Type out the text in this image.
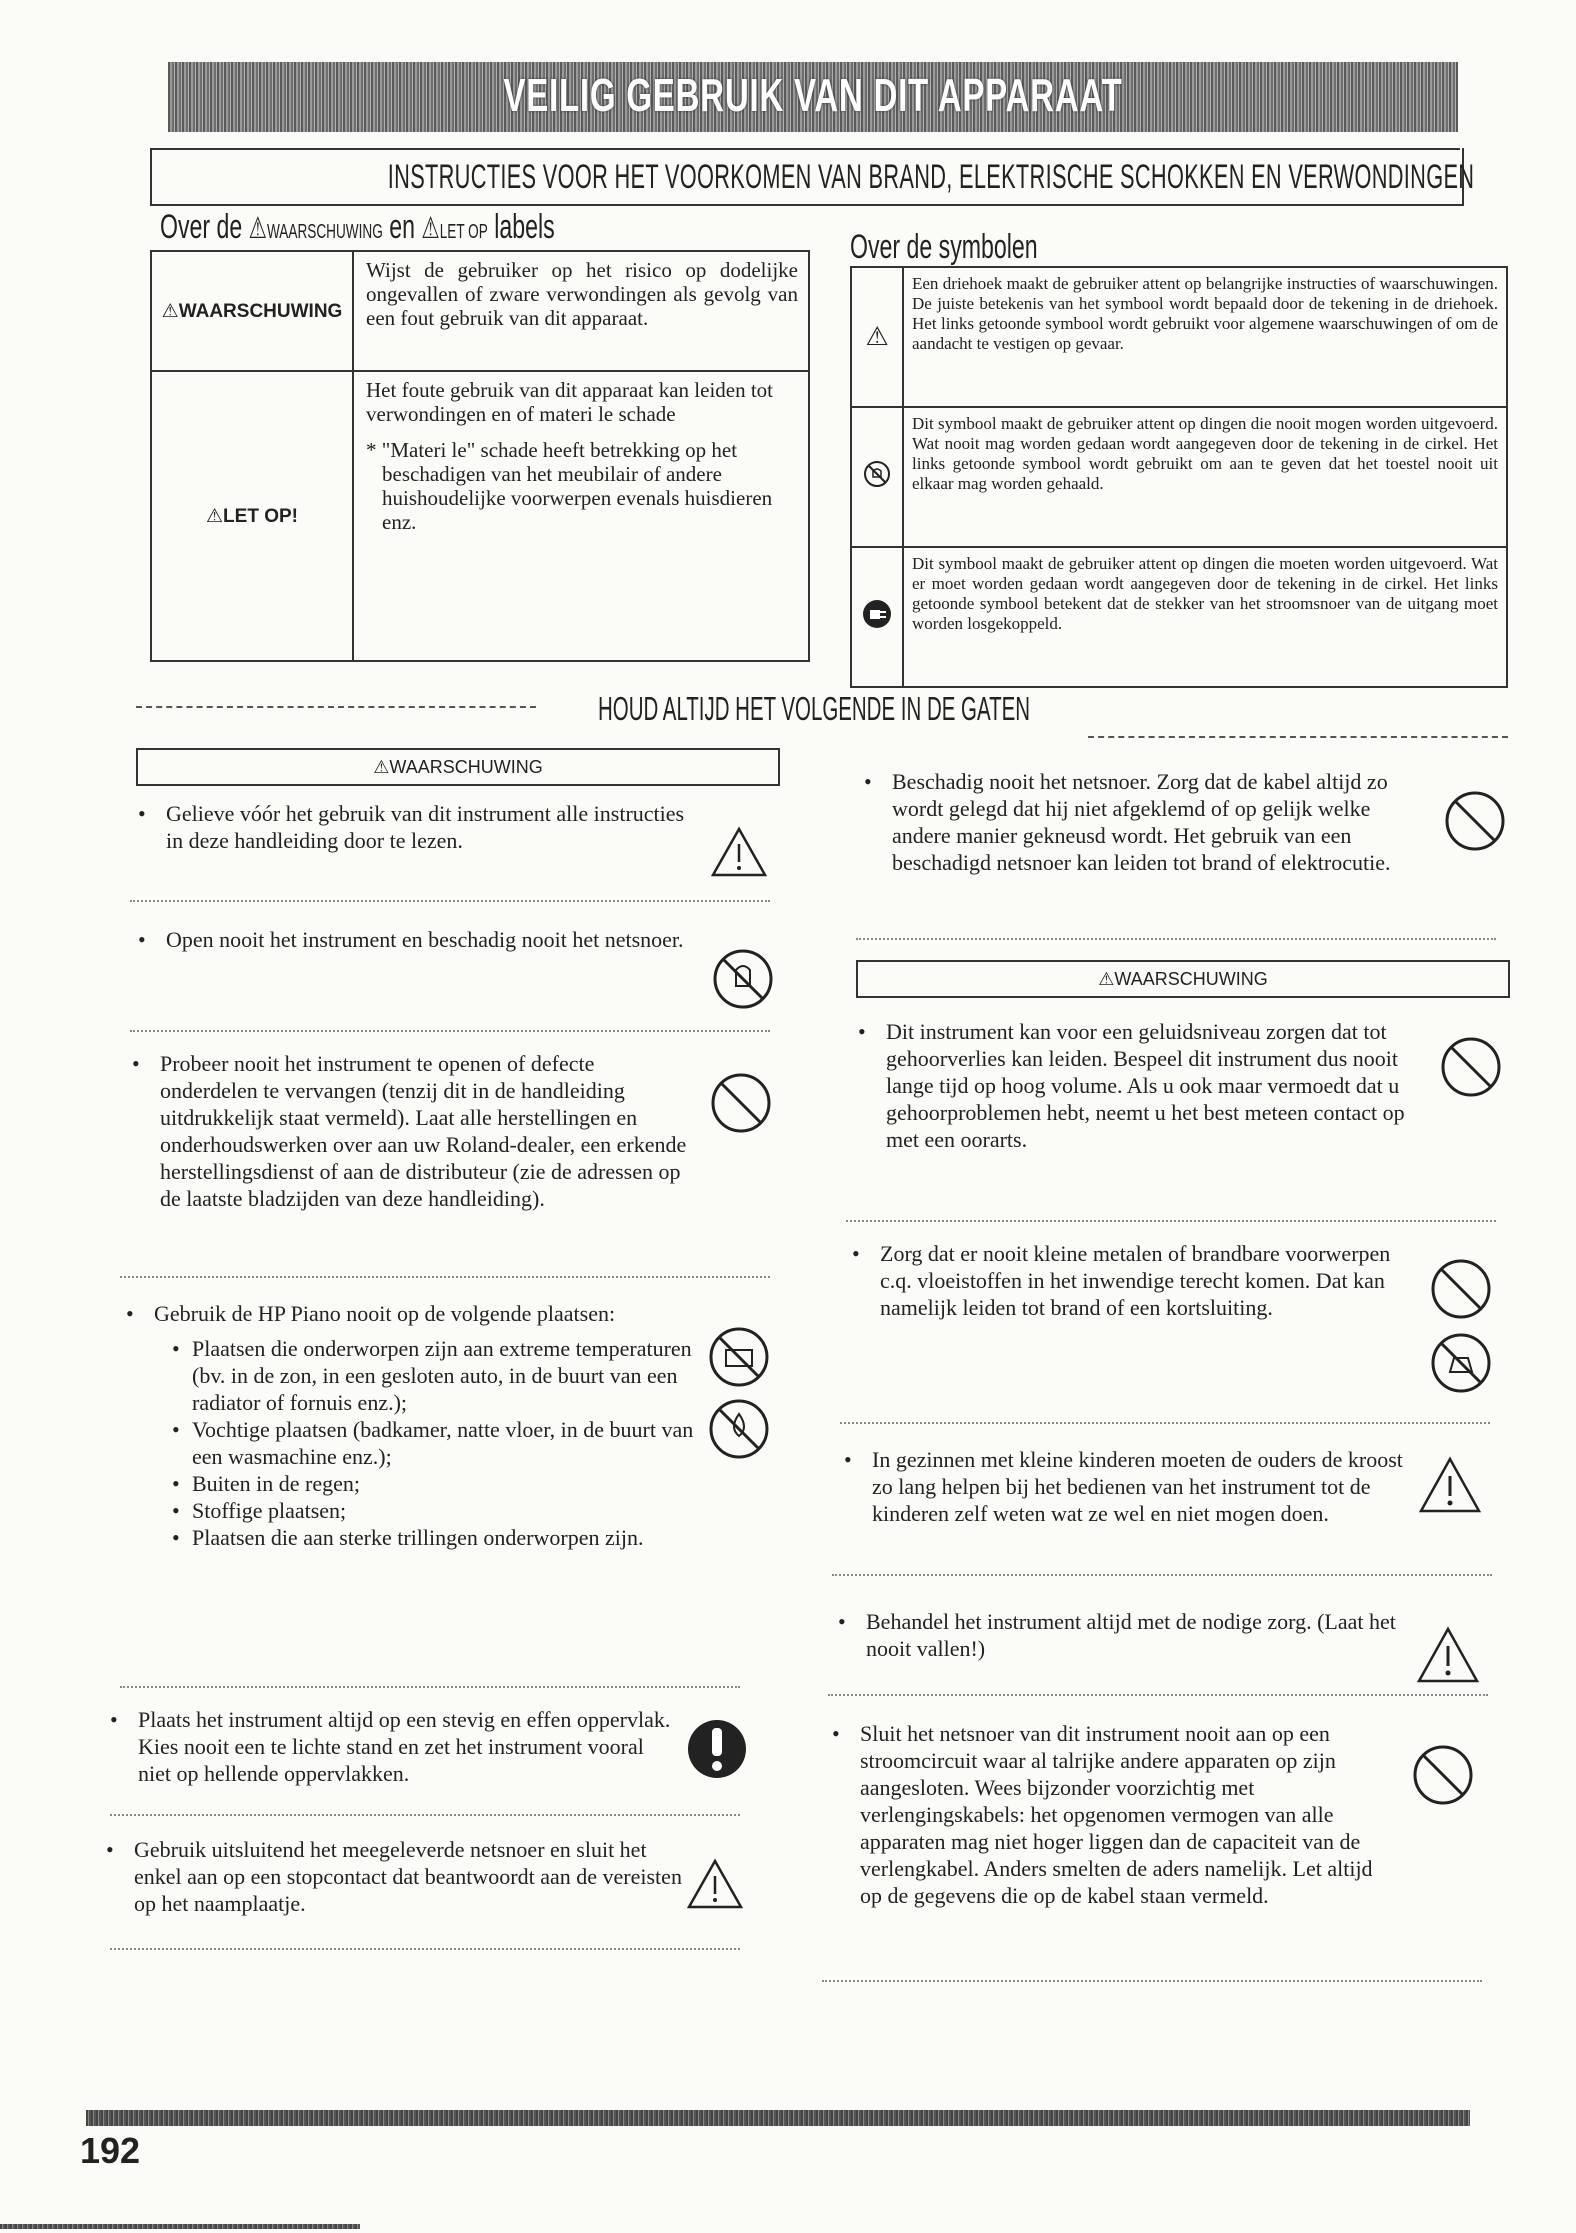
VEILIG GEBRUIK VAN DIT APPARAAT
INSTRUCTIES VOOR HET VOORKOMEN VAN BRAND, ELEKTRISCHE SCHOKKEN EN VERWONDINGEN
Over de ⚠WAARSCHUWING en ⚠LET OP labels
⚠WAARSCHUWING	Wijst de gebruiker op het risico op dodelijke ongevallen of zware verwondingen als gevolg van een fout gebruik van dit apparaat.
⚠LET OP!	Het foute gebruik van dit apparaat kan leiden tot verwondingen en of materi le schade
* "Materi le" schade heeft betrekking op het beschadigen van het meubilair of andere huishoudelijke voorwerpen evenals huisdieren enz.
Over de symbolen
⚠	Een driehoek maakt de gebruiker attent op belangrijke instructies of waarschuwingen. De juiste betekenis van het symbool wordt bepaald door de tekening in de driehoek. Het links getoonde symbool wordt gebruikt voor algemene waarschuwingen of om de aandacht te vestigen op gevaar.
	Dit symbool maakt de gebruiker attent op dingen die nooit mogen worden uitgevoerd. Wat nooit mag worden gedaan wordt aangegeven door de tekening in de cirkel. Het links getoonde symbool wordt gebruikt om aan te geven dat het toestel nooit uit elkaar mag worden gehaald.
	Dit symbool maakt de gebruiker attent op dingen die moeten worden uitgevoerd. Wat er moet worden gedaan wordt aangegeven door de tekening in de cirkel. Het links getoonde symbool betekent dat de stekker van het stroomsnoer van de uitgang moet worden losgekoppeld.
HOUD ALTIJD HET VOLGENDE IN DE GATEN
⚠WAARSCHUWING
• Gelieve vóór het gebruik van dit instrument alle instructies in deze handleiding door te lezen.
• Open nooit het instrument en beschadig nooit het netsnoer.
• Probeer nooit het instrument te openen of defecte onderdelen te vervangen (tenzij dit in de handleiding uitdrukkelijk staat vermeld). Laat alle herstellingen en onderhoudswerken over aan uw Roland-dealer, een erkende herstellingsdienst of aan de distributeur (zie de adressen op de laatste bladzijden van deze handleiding).
• Gebruik de HP Piano nooit op de volgende plaatsen:
• Plaatsen die onderworpen zijn aan extreme temperaturen (bv. in de zon, in een gesloten auto, in de buurt van een radiator of fornuis enz.);
• Vochtige plaatsen (badkamer, natte vloer, in de buurt van een wasmachine enz.);
• Buiten in de regen;
• Stoffige plaatsen;
• Plaatsen die aan sterke trillingen onderworpen zijn.
• Plaats het instrument altijd op een stevig en effen oppervlak. Kies nooit een te lichte stand en zet het instrument vooral niet op hellende oppervlakken.
• Gebruik uitsluitend het meegeleverde netsnoer en sluit het enkel aan op een stopcontact dat beantwoordt aan de vereisten op het naamplaatje.
• Beschadig nooit het netsnoer. Zorg dat de kabel altijd zo wordt gelegd dat hij niet afgeklemd of op gelijk welke andere manier gekneusd wordt. Het gebruik van een beschadigd netsnoer kan leiden tot brand of elektrocutie.
⚠WAARSCHUWING
• Dit instrument kan voor een geluidsniveau zorgen dat tot gehoorverlies kan leiden. Bespeel dit instrument dus nooit lange tijd op hoog volume. Als u ook maar vermoedt dat u gehoorproblemen hebt, neemt u het best meteen contact op met een oorarts.
• Zorg dat er nooit kleine metalen of brandbare voorwerpen c.q. vloeistoffen in het inwendige terecht komen. Dat kan namelijk leiden tot brand of een kortsluiting.
• In gezinnen met kleine kinderen moeten de ouders de kroost zo lang helpen bij het bedienen van het instrument tot de kinderen zelf weten wat ze wel en niet mogen doen.
• Behandel het instrument altijd met de nodige zorg. (Laat het nooit vallen!)
• Sluit het netsnoer van dit instrument nooit aan op een stroomcircuit waar al talrijke andere apparaten op zijn aangesloten. Wees bijzonder voorzichtig met verlengingskabels: het opgenomen vermogen van alle apparaten mag niet hoger liggen dan de capaciteit van de verlengkabel. Anders smelten de aders namelijk. Let altijd op de gegevens die op de kabel staan vermeld.
192
